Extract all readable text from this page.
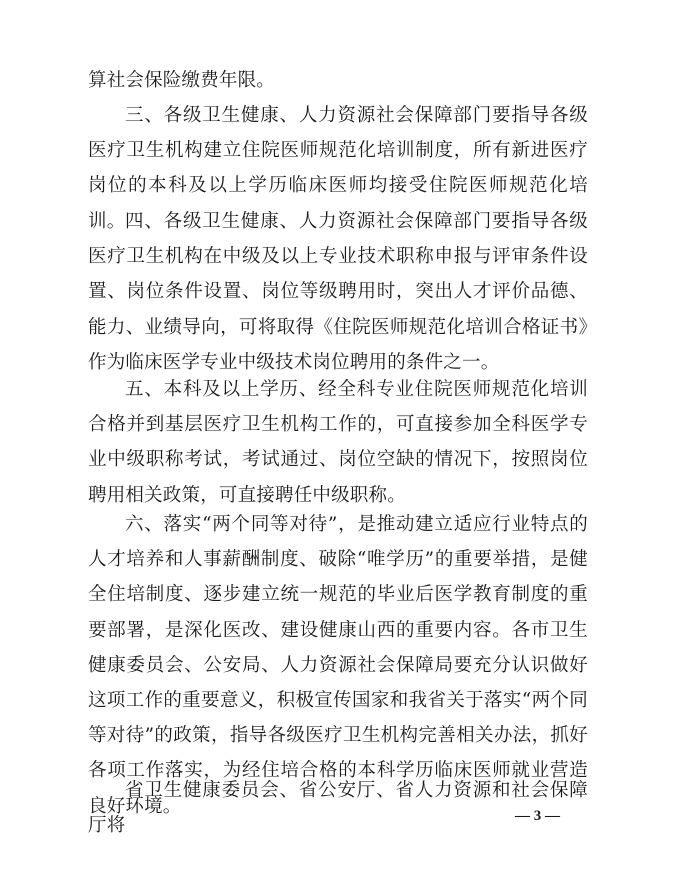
算社会保险缴费年限。

三、各级卫生健康、人力资源社会保障部门要指导各级医疗卫生机构建立住院医师规范化培训制度，所有新进医疗岗位的本科及以上学历临床医师均接受住院医师规范化培训。 四、各级卫生健康、人力资源社会保障部门要指导各级医疗卫生机构在中级及以上专业技术职称申报与评审条件设置、岗位条件设置、岗位等级聘用时，突出人才评价品德、能力、业绩导向，可将取得《住院医师规范化培训合格证书》作为临床医学专业中级技术岗位聘用的条件之一。

五、本科及以上学历、经全科专业住院医师规范化培训合格并到基层医疗卫生机构工作的，可直接参加全科医学专业中级职称考试，考试通过、岗位空缺的情况下，按照岗位聘用相关政策，可直接聘任中级职称。

六、落实“两个同等对待”，是推动建立适应行业特点的人才培养和人事薪酬制度、破除“唯学历”的重要举措，是健全住培制度、逐步建立统一规范的毕业后医学教育制度的重要部署，是深化医改、建设健康山西的重要内容。各市卫生健康委员会、公安局、人力资源社会保障局要充分认识做好这项工作的重要意义，积极宣传国家和我省关于落实“两个同等对待”的政策，指导各级医疗卫生机构完善相关办法，抓好各项工作落实，为经住培合格的本科学历临床医师就业营造良好环境。

省卫生健康委员会、省公安厅、省人力资源和社会保障厅将	— 3 —
